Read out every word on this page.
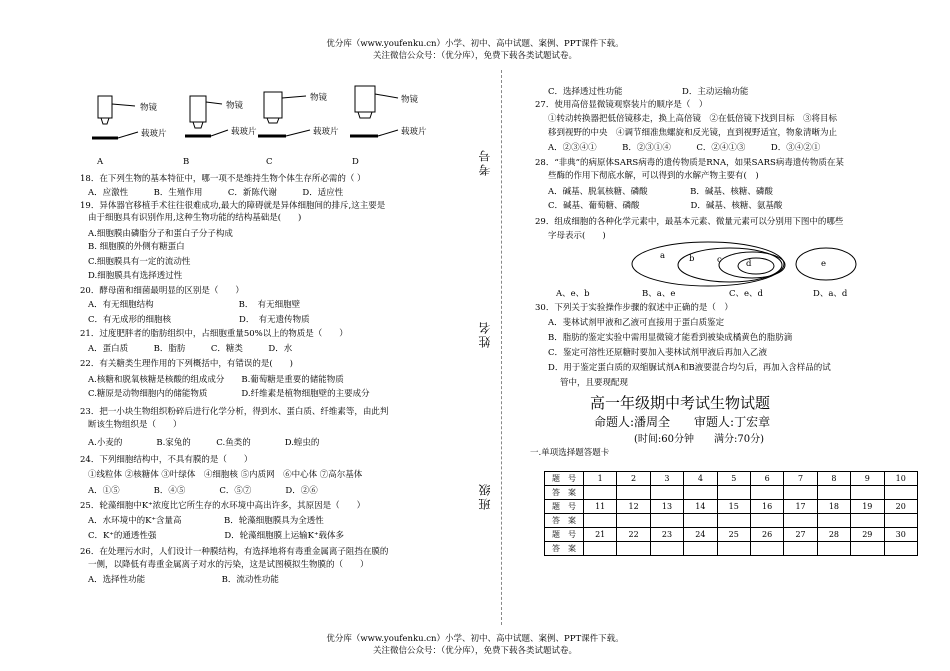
优分库（www.youfenku.cn）小学、初中、高中试题、案例、PPT课件下载。
关注微信公众号：（优分库），免费下载各类试题试卷。
优分库（www.youfenku.cn）小学、初中、高中试题、案例、PPT课件下载。
关注微信公众号：（优分库），免费下载各类试题试卷。
物镜	物镜
物镜	物镜
载玻片	载玻片	载玻片	载玻片
A	B	C	D
18．在下列生物的基本特征中，哪一项不是维持生物个体生存所必需的（ ）
A．应激性　　　B．生殖作用　　　C．新陈代谢　　　D．适应性
19．异体器官移植手术往往很难成功,最大的障碍就是异体细胞间的排斥,这主要是
由于细胞具有识别作用,这种生物功能的结构基础是(　　)
A.细胞膜由磷脂分子和蛋白子分子构成
B. 细胞膜的外侧有糖蛋白
C.细胞膜具有一定的流动性
D.细胞膜具有选择透过性
20．酵母菌和细菌最明显的区别是（　　）
A．有无细胞结构　　　　　　　　　　B．　有无细胞壁
C．有无成形的细胞核　　　　　　　　D．　有无遗传物质
21．过度肥胖者的脂肪组织中，占细胞重量50%以上的物质是（　　）
A．蛋白质　　　B．脂肪　　　C．糖类　　　D．水
22．有关糖类生理作用的下列概括中，有错误的是(　　)
A.核糖和脱氧核糖是核酸的组成成分　　B.葡萄糖是重要的储能物质
C.糖原是动物细胞内的储能物质　　　　D.纤维素是植物细胞壁的主要成分
23．把一小块生物组织粉碎后进行化学分析，得到水、蛋白质、纤维素等，由此判
断该生物组织是（　　）
A.小麦的　　　　B.家兔的　　　C.鱼类的　　　　D.蝗虫的
24．下列细胞结构中，不具有膜的是（　　）
①线粒体 ②核糖体 ③叶绿体　④细胞核 ⑤内质网　⑥中心体 ⑦高尔基体
A．①⑤　　　　B．④⑤　　　　C．⑤⑦　　　　D．②⑥
25．轮藻细胞中K⁺浓度比它所生存的水环境中高出许多，其原因是（　　）
A．水环境中的K⁺含量高　　　　　B．轮藻细胞膜具为全透性
C．K⁺的通透性强　　　　　　　　D．轮藻细胞膜上运输K⁺载体多
26．在处理污水时，人们设计一种膜结构，有选择地将有毒重金属离子阻挡在膜的
一侧，以降低有毒重金属离子对水的污染，这是试图模拟生物膜的（　　）
A．选择性功能　　　　　　　　　B．流动性功能
考号
姓名
班级
C．选择透过性功能　　　　　　　D．主动运输功能
27．使用高倍显微镜观察装片的顺序是（　）
①转动转换器把低倍镜移走，换上高倍镜　②在低倍镜下找到目标　③将目标
移到视野的中央　④调节细准焦螺旋和反光镜，直到视野适宜，物象清晰为止
A．②③④①　　　B．②③①④　　　C．②④①③　　　D．③④②①
28．“非典”的病原体SARS病毒的遗传物质是RNA，如果SARS病毒遗传物质在某
些酶的作用下彻底水解，可以得到的水解产物主要有(　)
A．碱基、脱氧核糖、磷酸　　　　　B．碱基、核糖、磷酸
C．碱基、葡萄糖、磷酸　　　　　　D．碱基、核糖、氨基酸
29．组成细胞的各种化学元素中，最基本元素、微量元素可以分别用下图中的哪些
字母表示(　　)
a	b	c	d	e
A、e、b	B、a、e	C、e、d	D、a、d
30．下列关于实验操作步骤的叙述中正确的是（　）
A．斐林试剂甲液和乙液可直接用于蛋白质鉴定
B．脂肪的鉴定实验中需用显微镜才能看到被染成橘黄色的脂肪滴
C．鉴定可溶性还原糖时要加入斐林试剂甲液后再加入乙液
D．用于鉴定蛋白质的双缩脲试剂A和B液要混合均匀后，再加入含样品的试
管中，且要现配现
高一年级期中考试生物试题
命题人:潘周全　　审题人:丁宏章
(时间:60分钟　　满分:70分)
一.单项选择题答题卡
题　号	1	2	3	4	5	6	7	8	9	10
答　案										
题　号	11	12	13	14	15	16	17	18	19	20
答　案										
题　号	21	22	23	24	25	26	27	28	29	30
答　案										
